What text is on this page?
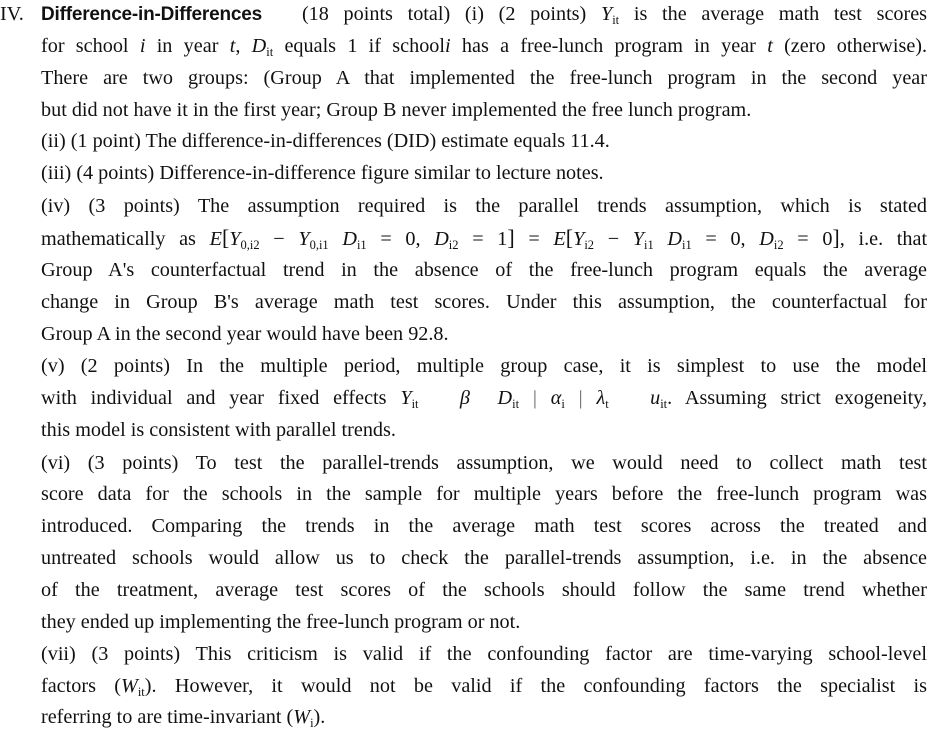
IV. Difference-in-Differences (18 points total) (i) (2 points) $Y_{it}$ is the average math test scores
for school i in year t, $D_{it}$ equals 1 if schooli has a free-lunch program in year t (zero otherwise).
There are two groups: (Group A that implemented the free-lunch program in the second year
but did not have it in the first year; Group B never implemented the free lunch program.
(ii) (1 point) The difference-in-differences (DID) estimate equals 11.4.
(iii) (4 points) Difference-in-difference figure similar to lecture notes.
(iv) (3 points) The assumption required is the parallel trends assumption, which is stated
mathematically as $E[Y_{0,i2} - Y_{0,i1}$ $D_{i1} = 0$, $D_{i2} = 1] = E[Y_{i2} - Y_{i1}$ $D_{i1} = 0$, $D_{i2} = 0$], i.e. that
Group A's counterfactual trend in the absence of the free-lunch program equals the average
change in Group B's average math test scores. Under this assumption, the counterfactual for
Group A in the second year would have been 92.8.
(v) (2 points) In the multiple period, multiple group case, it is simplest to use the model
with individual and year fixed effects $Y_{it}$   β  $D_{it}$ | $\alpha_i$ | $\lambda_t$   $u_{it}$. Assuming strict exogeneity,
this model is consistent with parallel trends.
(vi) (3 points) To test the parallel-trends assumption, we would need to collect math test
score data for the schools in the sample for multiple years before the free-lunch program was
introduced. Comparing the trends in the average math test scores across the treated and
untreated schools would allow us to check the parallel-trends assumption, i.e. in the absence
of the treatment, average test scores of the schools should follow the same trend whether
they ended up implementing the free-lunch program or not.
(vii) (3 points) This criticism is valid if the confounding factor are time-varying school-level
factors $(W_{it})$. However, it would not be valid if the confounding factors the specialist is
referring to are time-invariant $(W_i)$.
